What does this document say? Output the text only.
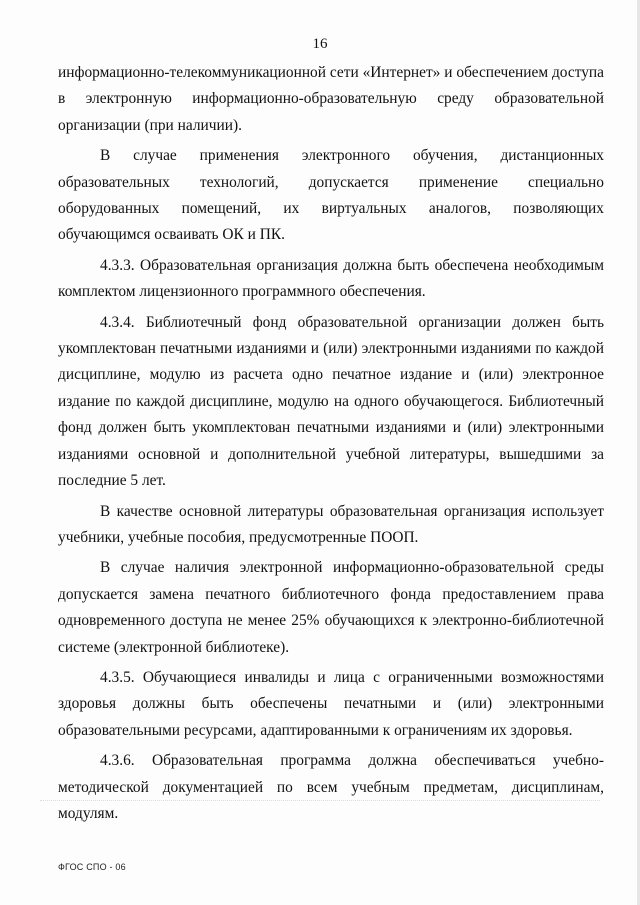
16

информационно-телекоммуникационной сети «Интернет» и обеспечением доступа в электронную информационно-образовательную среду образовательной организации (при наличии).

В случае применения электронного обучения, дистанционных образовательных технологий, допускается применение специально оборудованных помещений, их виртуальных аналогов, позволяющих обучающимся осваивать ОК и ПК.

4.3.3. Образовательная организация должна быть обеспечена необходимым комплектом лицензионного программного обеспечения.

4.3.4. Библиотечный фонд образовательной организации должен быть укомплектован печатными изданиями и (или) электронными изданиями по каждой дисциплине, модулю из расчета одно печатное издание и (или) электронное издание по каждой дисциплине, модулю на одного обучающегося. Библиотечный фонд должен быть укомплектован печатными изданиями и (или) электронными изданиями основной и дополнительной учебной литературы, вышедшими за последние 5 лет.

В качестве основной литературы образовательная организация использует учебники, учебные пособия, предусмотренные ПООП.

В случае наличия электронной информационно-образовательной среды допускается замена печатного библиотечного фонда предоставлением права одновременного доступа не менее 25% обучающихся к электронно-библиотечной системе (электронной библиотеке).

4.3.5. Обучающиеся инвалиды и лица с ограниченными возможностями здоровья должны быть обеспечены печатными и (или) электронными образовательными ресурсами, адаптированными к ограничениям их здоровья.

4.3.6. Образовательная программа должна обеспечиваться учебно-методической документацией по всем учебным предметам, дисциплинам, модулям.

ФГОС СПО - 06
